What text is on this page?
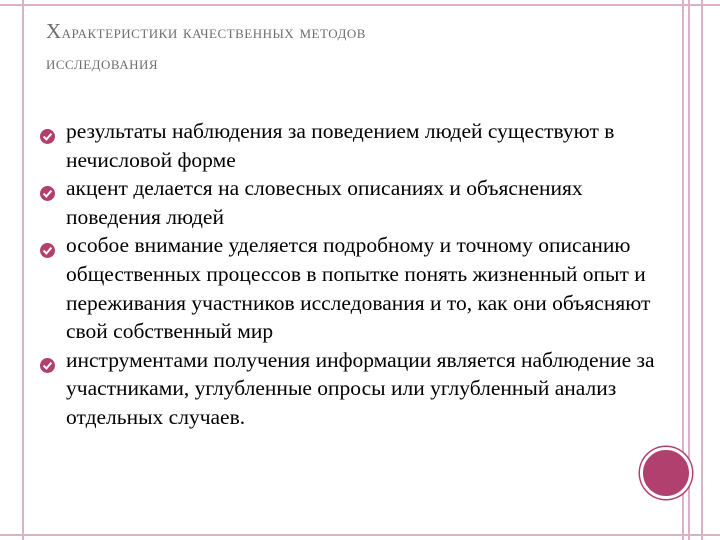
Характеристики качественных методов
исследования
результаты наблюдения за поведением людей существуют в нечисловой форме
акцент делается на словесных описаниях и объяснениях поведения людей
особое внимание уделяется подробному и точному описанию общественных процессов в попытке понять жизненный опыт и переживания участников исследования и то, как они объясняют свой собственный мир
инструментами получения информации является наблюдение за участниками, углубленные опросы или углубленный анализ отдельных случаев.
